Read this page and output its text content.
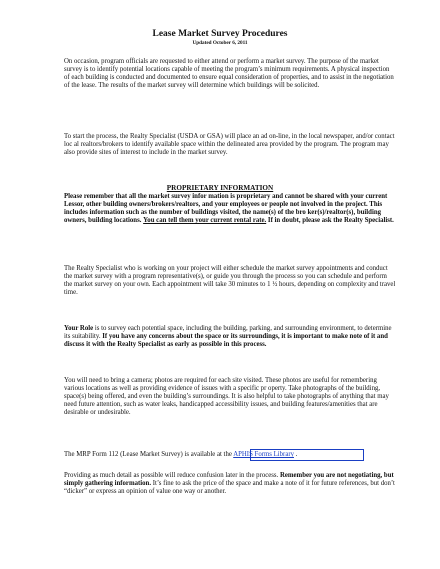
Lease Market Survey Procedures
Updated October 6, 2011

On occasion, program officials are requested to either attend or perform a market survey. The purpose of the market survey is to identify potential locations capable of meeting the program’s minimum requirements. A physical inspection of each building is conducted and documented to ensure equal consideration of properties, and to assist in the negotiation of the lease. The results of the market survey will determine which buildings will be solicited.

To start the process, the Realty Specialist (USDA or GSA) will place an ad on-line, in the local newspaper, and/or contact loc al realtors/brokers to identify available space within the delineated area provided by the program. The program may also provide sites of interest to include in the market survey.

PROPRIETARY INFORMATION

Please remember that all the market survey infor mation is proprietary and cannot be shared with your current Lessor, other building owners/brokers/realtors, and your employees or people not involved in the project. This includes information such as the number of buildings visited, the name(s) of the bro ker(s)/realtor(s), building owners, building locations. You can tell them your current rental rate. If in doubt, please ask the Realty Specialist.

The Realty Specialist who is working on your project will either schedule the market survey appointments and conduct the market survey with a program representative(s), or guide you through the process so you can schedule and perform the market survey on your own. Each appointment will take 30 minutes to 1 ½ hours, depending on complexity and travel time.

Your Role is to survey each potential space, including the building, parking, and surrounding environment, to determine its suitability. If you have any concerns about the space or its surroundings, it is important to make note of it and discuss it with the Realty Specialist as early as possible in this process.

You will need to bring a camera; photos are required for each site visited. These photos are useful for remembering various locations as well as providing evidence of issues with a specific pr operty. Take photographs of the building, space(s) being offered, and even the building’s surroundings. It is also helpful to take photographs of anything that may need future attention, such as water leaks, handicapped accessibility issues, and building features/amenities that are desirable or undesirable.

The MRP Form 112 (Lease Market Survey) is available at the APHIS Forms Library .

Providing as much detail as possible will reduce confusion later in the process. Remember you are not negotiating, but simply gathering information. It’s fine to ask the price of the space and make a note of it for future references, but don’t “dicker” or express an opinion of value one way or another.
